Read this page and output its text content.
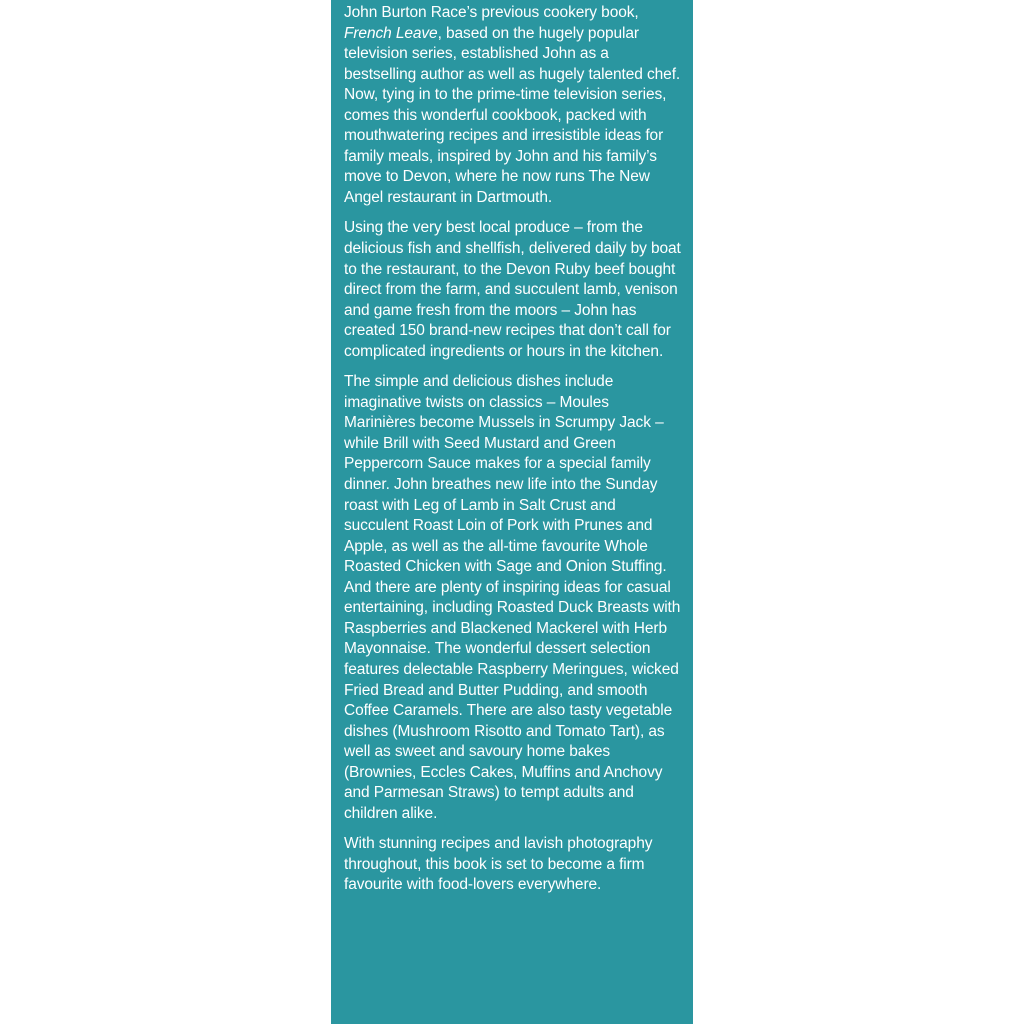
John Burton Race’s previous cookery book,
French Leave, based on the hugely popular television series, established John as a bestselling author as well as hugely talented chef. Now, tying in to the prime-time television series, comes this wonderful cookbook, packed with mouthwatering recipes and irresistible ideas for family meals, inspired by John and his family’s move to Devon, where he now runs The New Angel restaurant in Dartmouth.

Using the very best local produce – from the delicious fish and shellfish, delivered daily by boat to the restaurant, to the Devon Ruby beef bought direct from the farm, and succulent lamb, venison and game fresh from the moors – John has created 150 brand-new recipes that don’t call for complicated ingredients or hours in the kitchen.

The simple and delicious dishes include imaginative twists on classics – Moules Marinières become Mussels in Scrumpy Jack – while Brill with Seed Mustard and Green Peppercorn Sauce makes for a special family dinner. John breathes new life into the Sunday roast with Leg of Lamb in Salt Crust and succulent Roast Loin of Pork with Prunes and Apple, as well as the all-time favourite Whole Roasted Chicken with Sage and Onion Stuffing. And there are plenty of inspiring ideas for casual entertaining, including Roasted Duck Breasts with Raspberries and Blackened Mackerel with Herb Mayonnaise. The wonderful dessert selection features delectable Raspberry Meringues, wicked Fried Bread and Butter Pudding, and smooth Coffee Caramels. There are also tasty vegetable dishes (Mushroom Risotto and Tomato Tart), as well as sweet and savoury home bakes (Brownies, Eccles Cakes, Muffins and Anchovy and Parmesan Straws) to tempt adults and children alike.

With stunning recipes and lavish photography throughout, this book is set to become a firm favourite with food-lovers everywhere.
